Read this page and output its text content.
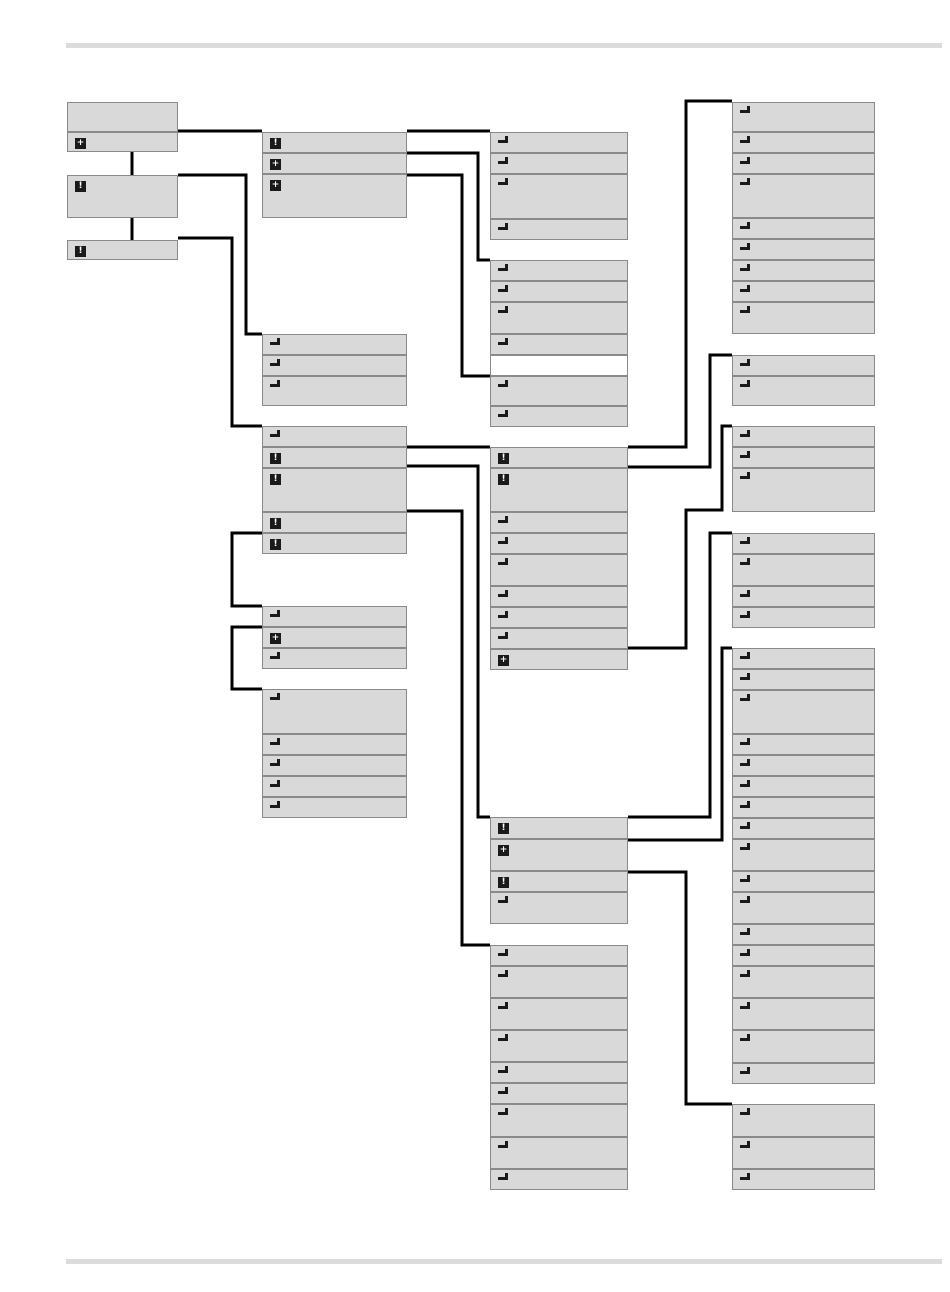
+
!
!
!
+
+
!
!
!
!
+
!
!
+
!
+
!
